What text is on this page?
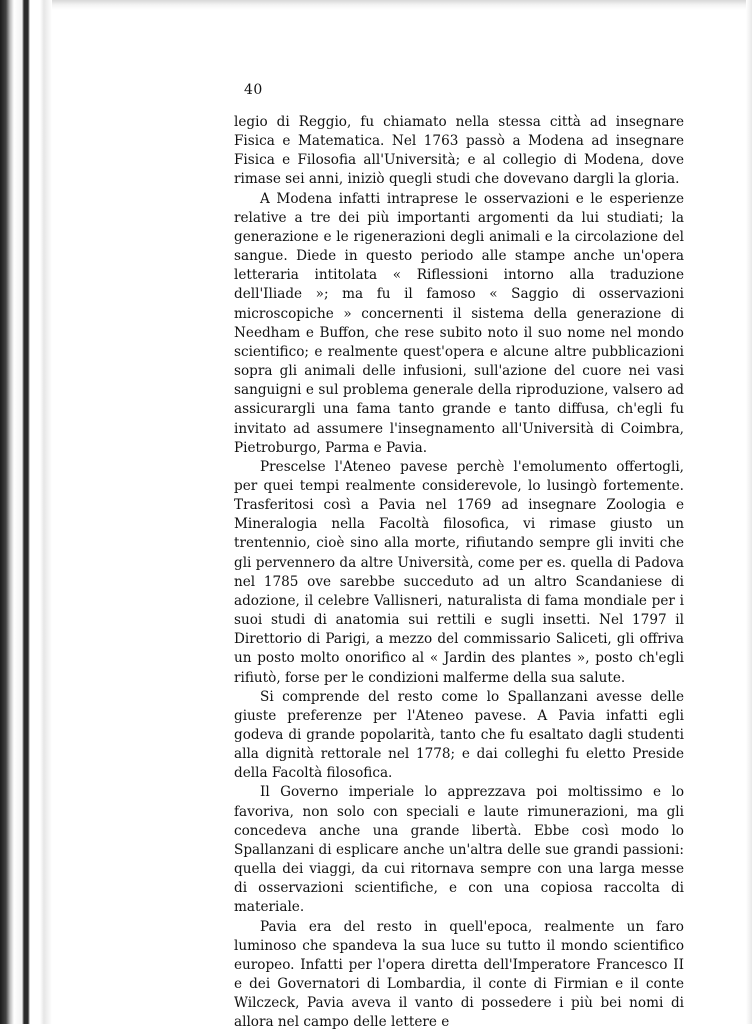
40

legio di Reggio, fu chiamato nella stessa città ad insegnare Fisica e Matematica. Nel 1763 passò a Modena ad insegnare Fisica e Filosofia all'Università; e al collegio di Modena, dove rimase sei anni, iniziò quegli studi che dovevano dargli la gloria.

A Modena infatti intraprese le osservazioni e le esperienze relative a tre dei più importanti argomenti da lui studiati; la generazione e le rigenerazioni degli animali e la circolazione del sangue. Diede in questo periodo alle stampe anche un'opera letteraria intitolata « Riflessioni intorno alla traduzione dell'Iliade »; ma fu il famoso « Saggio di osservazioni microscopiche » concernenti il sistema della generazione di Needham e Buffon, che rese subito noto il suo nome nel mondo scientifico; e realmente quest'opera e alcune altre pubblicazioni sopra gli animali delle infusioni, sull'azione del cuore nei vasi sanguigni e sul problema generale della riproduzione, valsero ad assicurargli una fama tanto grande e tanto diffusa, ch'egli fu invitato ad assumere l'insegnamento all'Università di Coimbra, Pietroburgo, Parma e Pavia.

Prescelse l'Ateneo pavese perchè l'emolumento offertogli, per quei tempi realmente considerevole, lo lusingò fortemente. Trasferitosi così a Pavia nel 1769 ad insegnare Zoologia e Mineralogia nella Facoltà filosofica, vi rimase giusto un trentennio, cioè sino alla morte, rifiutando sempre gli inviti che gli pervennero da altre Università, come per es. quella di Padova nel 1785 ove sarebbe succeduto ad un altro Scandaniese di adozione, il celebre Vallisneri, naturalista di fama mondiale per i suoi studi di anatomia sui rettili e sugli insetti. Nel 1797 il Direttorio di Parigi, a mezzo del commissario Saliceti, gli offriva un posto molto onorifico al « Jardin des plantes », posto ch'egli rifiutò, forse per le condizioni malferme della sua salute.

Si comprende del resto come lo Spallanzani avesse delle giuste preferenze per l'Ateneo pavese. A Pavia infatti egli godeva di grande popolarità, tanto che fu esaltato dagli studenti alla dignità rettorale nel 1778; e dai colleghi fu eletto Preside della Facoltà filosofica.

Il Governo imperiale lo apprezzava poi moltissimo e lo favoriva, non solo con speciali e laute rimunerazioni, ma gli concedeva anche una grande libertà. Ebbe così modo lo Spallanzani di esplicare anche un'altra delle sue grandi passioni: quella dei viaggi, da cui ritornava sempre con una larga messe di osservazioni scientifiche, e con una copiosa raccolta di materiale.

Pavia era del resto in quell'epoca, realmente un faro luminoso che spandeva la sua luce su tutto il mondo scientifico europeo. Infatti per l'opera diretta dell'Imperatore Francesco II e dei Governatori di Lombardia, il conte di Firmian e il conte Wilczeck, Pavia aveva il vanto di possedere i più bei nomi di allora nel campo delle lettere e
